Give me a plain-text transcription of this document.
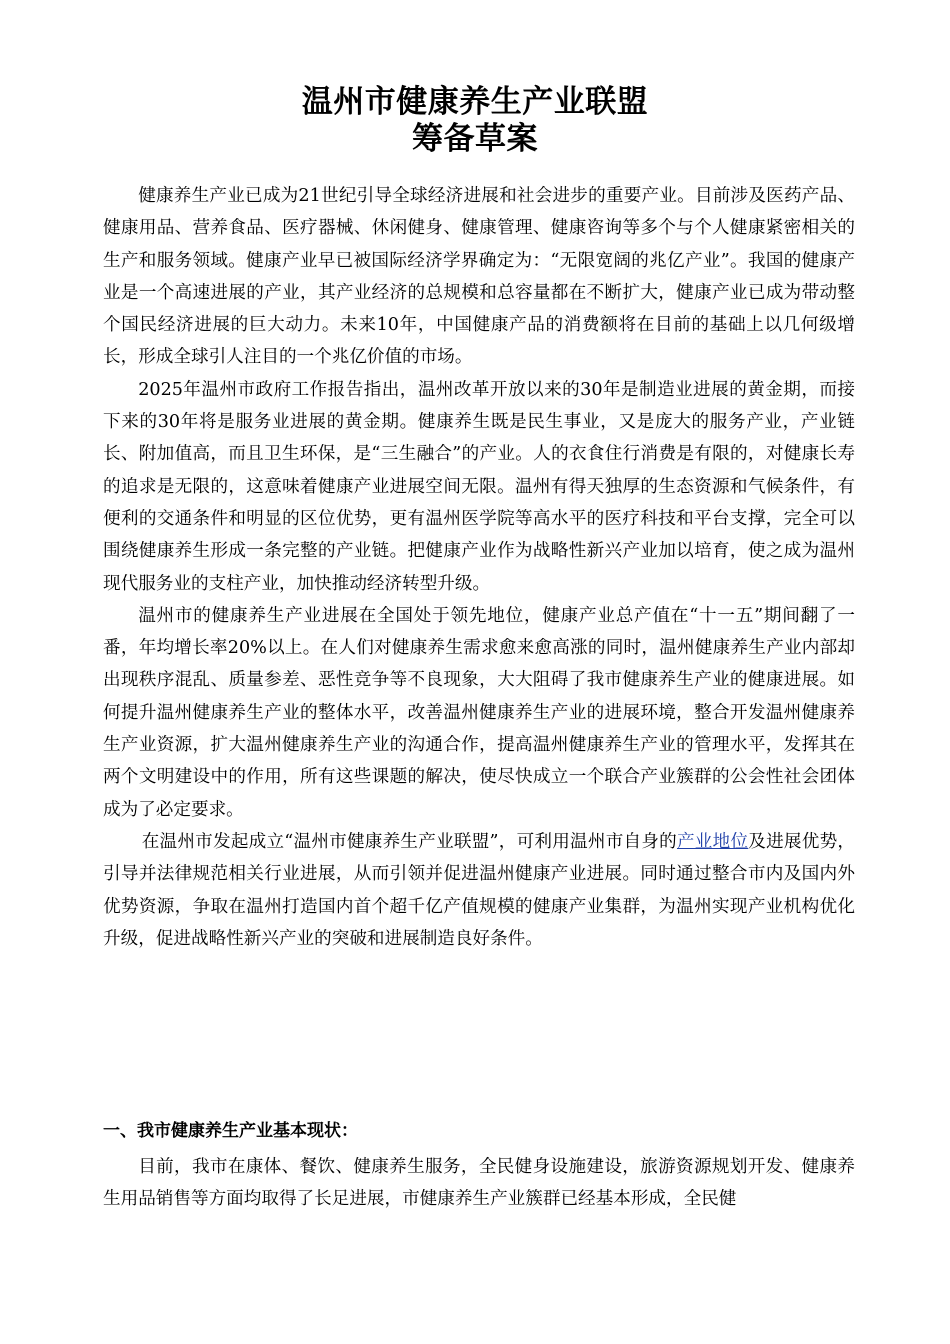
温州市健康养生产业联盟
筹备草案

健康养生产业已成为21世纪引导全球经济进展和社会进步的重要产业。目前涉及医药产品、健康用品、营养食品、医疗器械、休闲健身、健康管理、健康咨询等多个与个人健康紧密相关的生产和服务领域。健康产业早已被国际经济学界确定为：“无限宽阔的兆亿产业”。我国的健康产业是一个高速进展的产业，其产业经济的总规模和总容量都在不断扩大，健康产业已成为带动整个国民经济进展的巨大动力。未来10年，中国健康产品的消费额将在目前的基础上以几何级增长，形成全球引人注目的一个兆亿价值的市场。

2025年温州市政府工作报告指出，温州改革开放以来的30年是制造业进展的黄金期，而接下来的30年将是服务业进展的黄金期。健康养生既是民生事业，又是庞大的服务产业，产业链长、附加值高，而且卫生环保，是“三生融合”的产业。人的衣食住行消费是有限的，对健康长寿的追求是无限的，这意味着健康产业进展空间无限。温州有得天独厚的生态资源和气候条件，有便利的交通条件和明显的区位优势，更有温州医学院等高水平的医疗科技和平台支撑，完全可以围绕健康养生形成一条完整的产业链。把健康产业作为战略性新兴产业加以培育，使之成为温州现代服务业的支柱产业，加快推动经济转型升级。

温州市的健康养生产业进展在全国处于领先地位，健康产业总产值在“十一五”期间翻了一番，年均增长率20%以上。在人们对健康养生需求愈来愈高涨的同时，温州健康养生产业内部却出现秩序混乱、质量参差、恶性竞争等不良现象，大大阻碍了我市健康养生产业的健康进展。如何提升温州健康养生产业的整体水平，改善温州健康养生产业的进展环境，整合开发温州健康养生产业资源，扩大温州健康养生产业的沟通合作，提高温州健康养生产业的管理水平，发挥其在两个文明建设中的作用，所有这些课题的解决，使尽快成立一个联合产业簇群的公会性社会团体成为了必定要求。

在温州市发起成立“温州市健康养生产业联盟”，可利用温州市自身的产业地位及进展优势，引导并法律规范相关行业进展，从而引领并促进温州健康产业进展。同时通过整合市内及国内外优势资源，争取在温州打造国内首个超千亿产值规模的健康产业集群，为温州实现产业机构优化升级，促进战略性新兴产业的突破和进展制造良好条件。

一、我市健康养生产业基本现状：

目前，我市在康体、餐饮、健康养生服务，全民健身设施建设，旅游资源规划开发、健康养生用品销售等方面均取得了长足进展，市健康养生产业簇群已经基本形成，全民健
